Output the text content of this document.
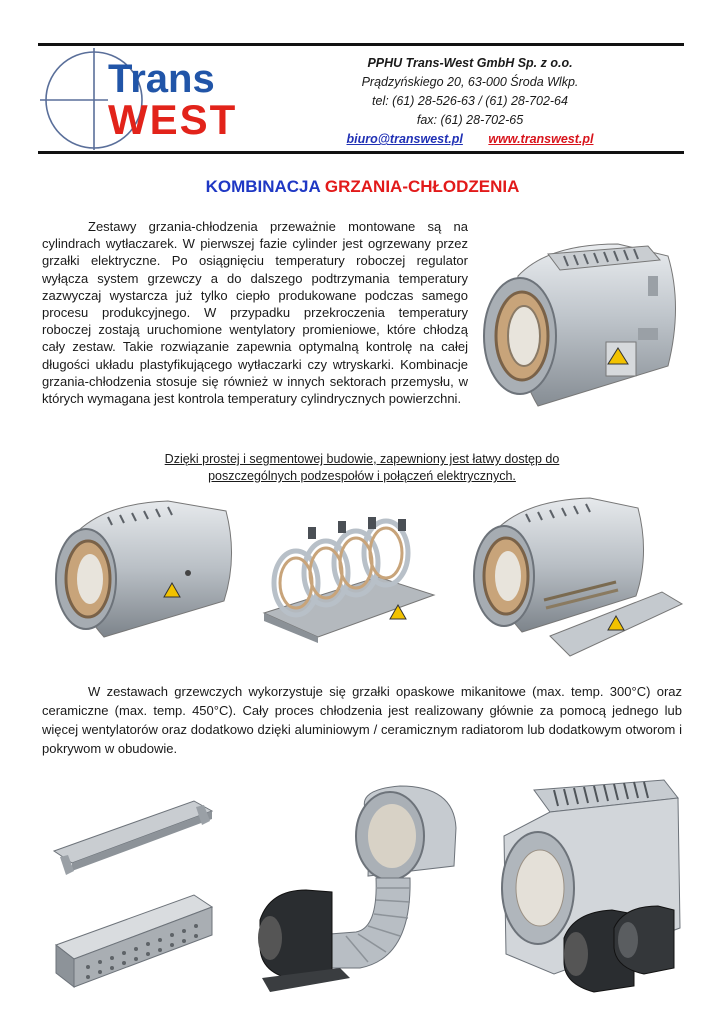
Trans
WEST
PPHU Trans-West GmbH Sp. z o.o.
Prądzyńskiego 20, 63-000 Środa Wlkp.
tel: (61) 28-526-63 / (61) 28-702-64
fax: (61) 28-702-65
biuro@transwest.pl www.transwest.pl
KOMBINACJA GRZANIA-CHŁODZENIA
Zestawy grzania-chłodzenia przeważnie montowane są na cylindrach wytłaczarek. W pierwszej fazie cylinder jest ogrzewany przez grzałki elektryczne. Po osiągnięciu temperatury roboczej regulator wyłącza system grzewczy a do dalszego podtrzymania temperatury zazwyczaj wystarcza już tylko ciepło produkowane podczas samego procesu produkcyjnego. W przypadku przekroczenia temperatury roboczej zostają uruchomione wentylatory promieniowe, które chłodzą cały zestaw. Takie rozwiązanie zapewnia optymalną kontrolę na całej długości układu plastyfikującego wytłaczarki czy wtryskarki. Kombinacje grzania-chłodzenia stosuje się również w innych sektorach przemysłu, w których wymagana jest kontrola temperatury cylindrycznych powierzchni.
Dzięki prostej i segmentowej budowie, zapewniony jest łatwy dostęp do poszczególnych podzespołów i połączeń elektrycznych.
W zestawach grzewczych wykorzystuje się grzałki opaskowe mikanitowe (max. temp. 300°C) oraz ceramiczne (max. temp. 450°C). Cały proces chłodzenia jest realizowany głównie za pomocą jednego lub więcej wentylatorów oraz dodatkowo dzięki aluminiowym / ceramicznym radiatorom lub dodatkowym otworom i pokrywom w obudowie.
